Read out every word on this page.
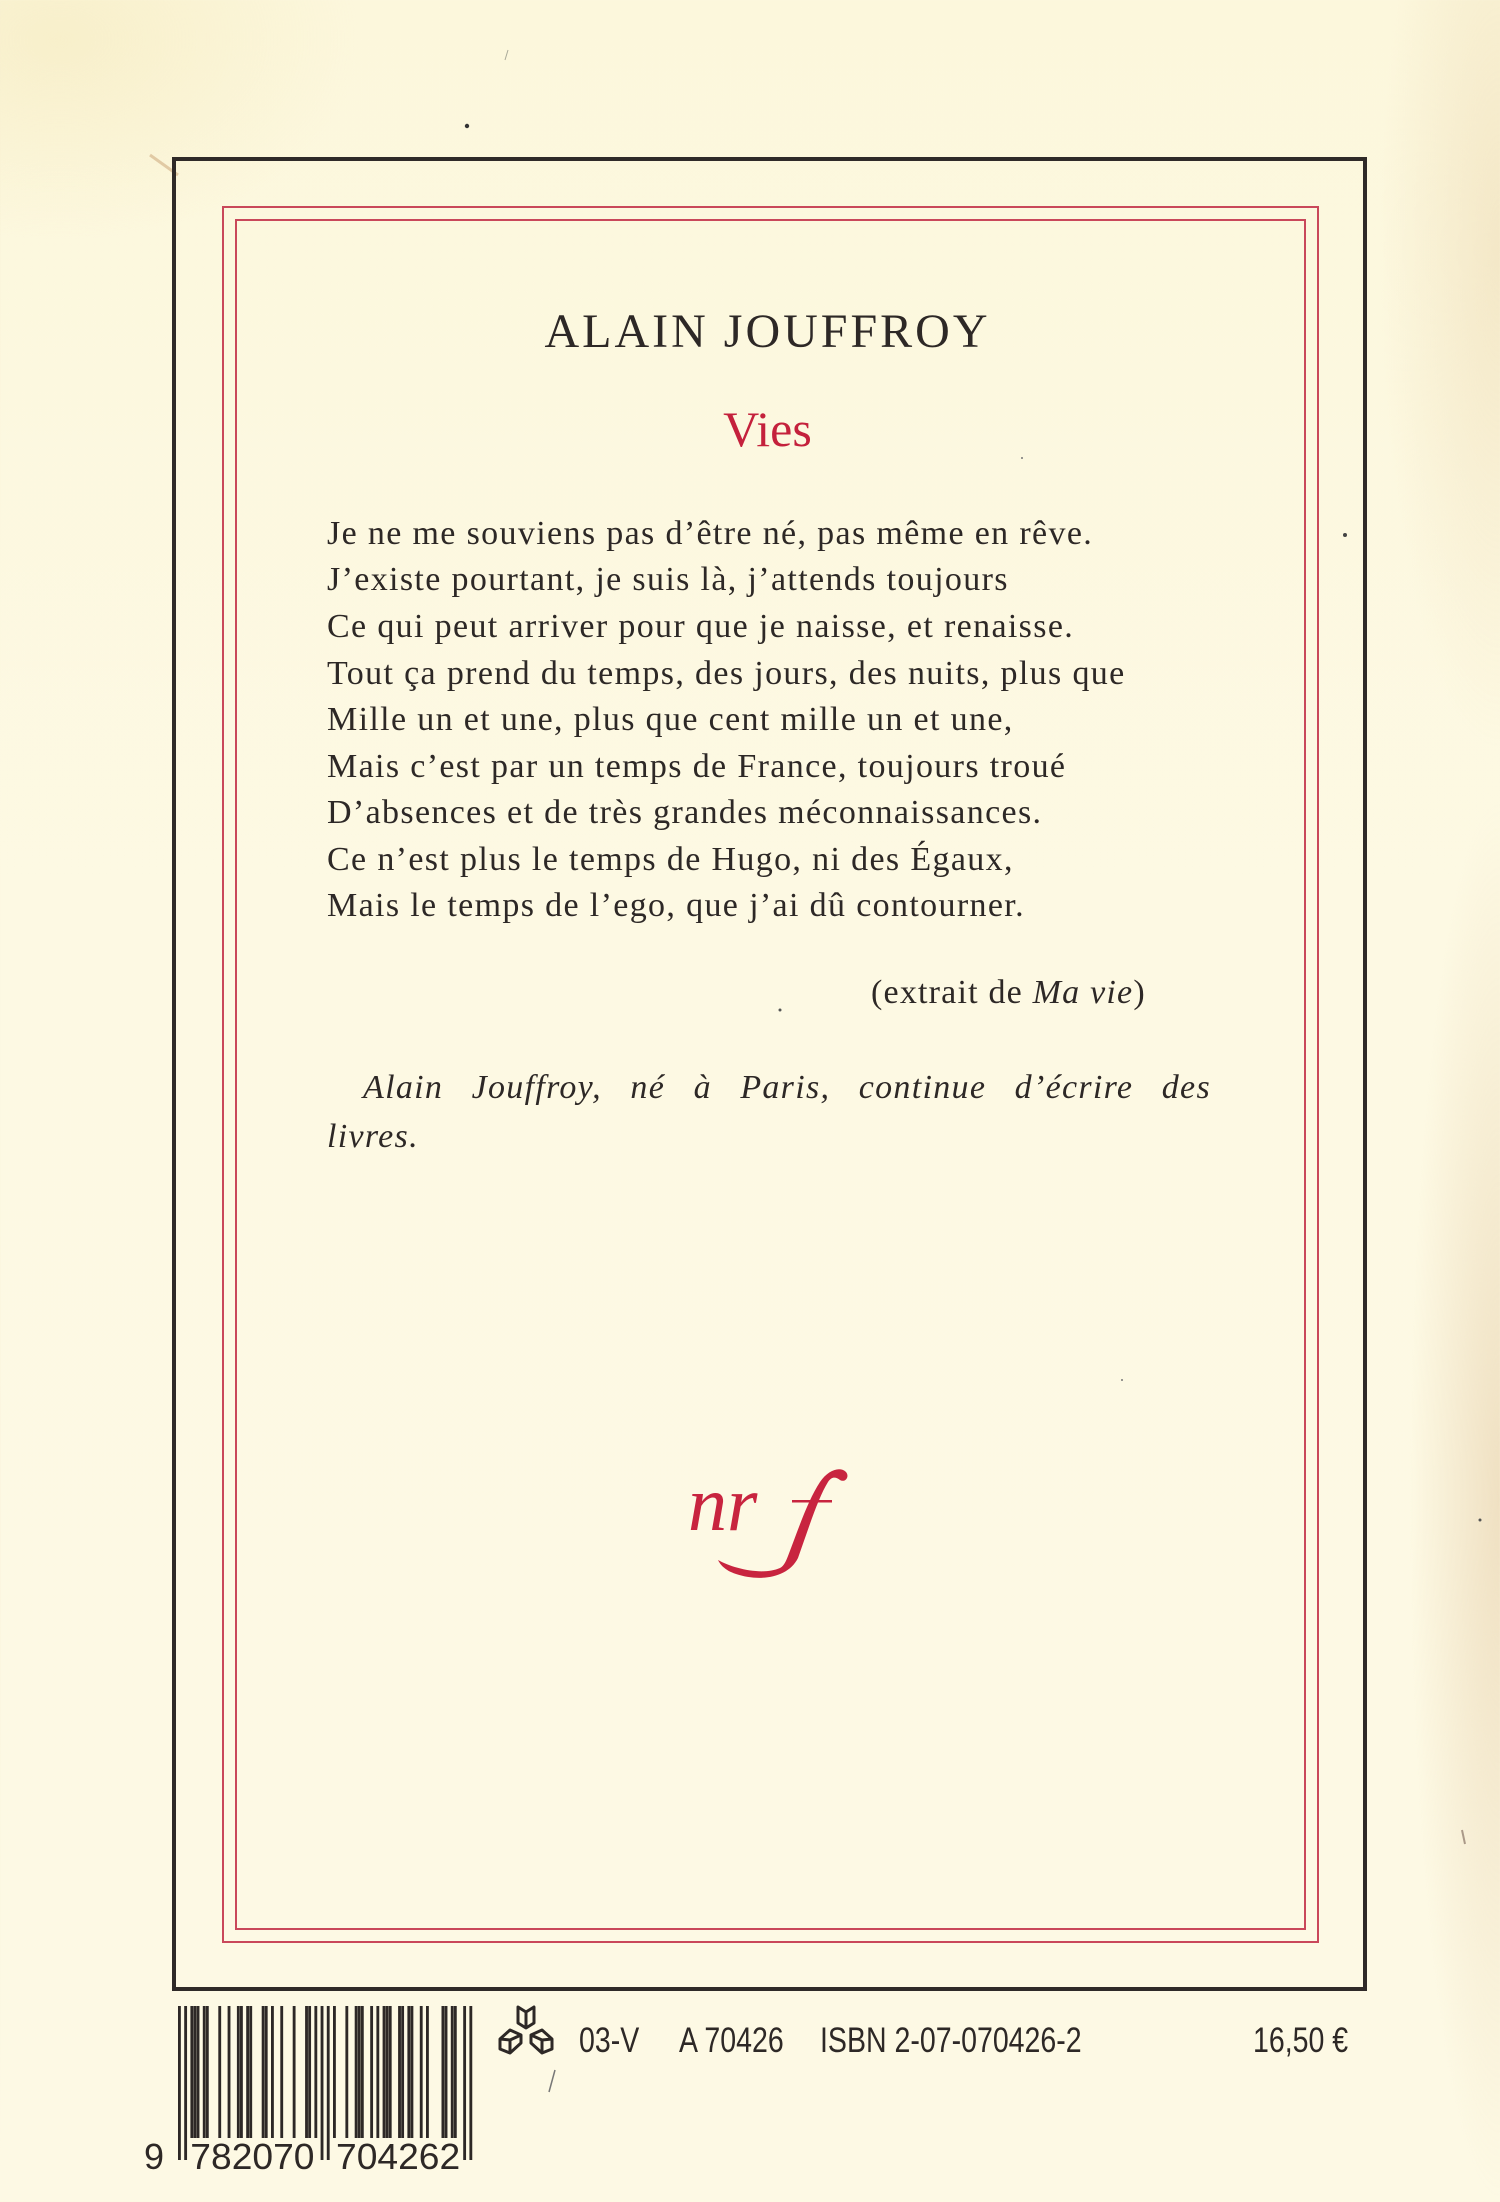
ALAIN JOUFFROY
Vies
Je ne me souviens pas d’être né, pas même en rêve.
J’existe pourtant, je suis là, j’attends toujours
Ce qui peut arriver pour que je naisse, et renaisse.
Tout ça prend du temps, des jours, des nuits, plus que
Mille un et une, plus que cent mille un et une,
Mais c’est par un temps de France, toujours troué
D’absences et de très grandes méconnaissances.
Ce n’est plus le temps de Hugo, ni des Égaux,
Mais le temps de l’ego, que j’ai dû contourner.
(extrait de Ma vie)
Alain Jouffroy, né à Paris, continue d’écrire des
livres.
nr
9 782070 704262
03-V A 70426 ISBN 2-07-070426-2	16,50 €
